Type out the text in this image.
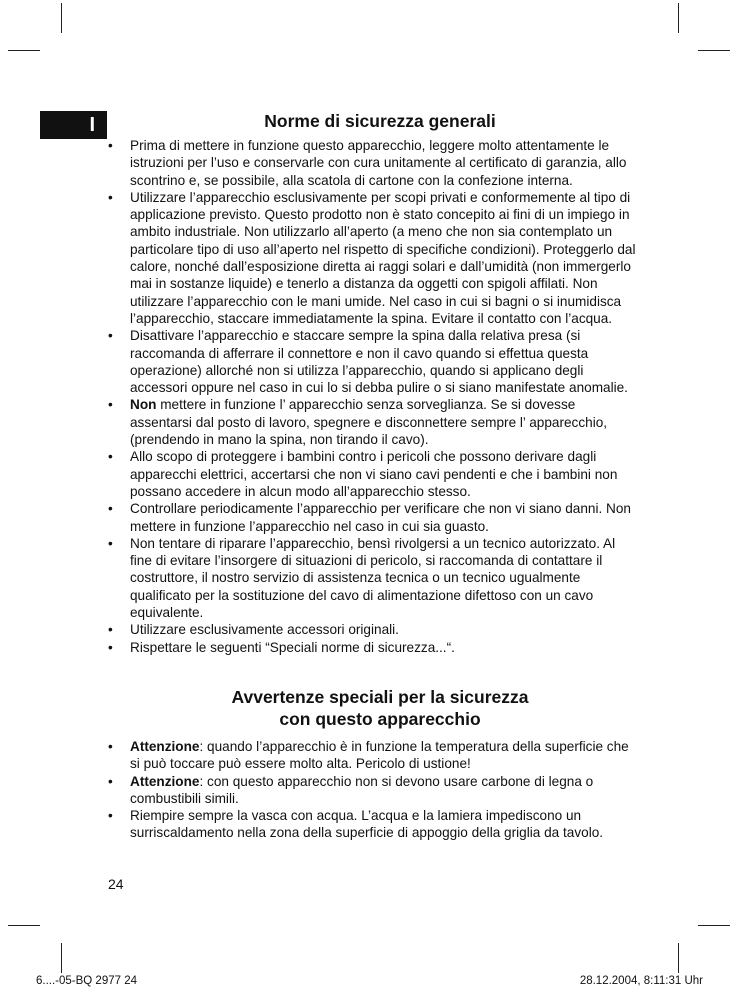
I	Norme di sicurezza generali
• Prima di mettere in funzione questo apparecchio, leggere molto attentamente le istruzioni per l’uso e conservarle con cura unitamente al certificato di garanzia, allo scontrino e, se possibile, alla scatola di cartone con la confezione interna.
• Utilizzare l’apparecchio esclusivamente per scopi privati e conformemente al tipo di applicazione previsto. Questo prodotto non è stato concepito ai fini di un impiego in ambito industriale. Non utilizzarlo all’aperto (a meno che non sia contemplato un particolare tipo di uso all’aperto nel rispetto di specifiche condizioni). Proteggerlo dal calore, nonché dall’esposizione diretta ai raggi solari e dall’umidità (non immergerlo mai in sostanze liquide) e tenerlo a distanza da oggetti con spigoli affilati. Non utilizzare l’apparecchio con le mani umide. Nel caso in cui si bagni o si inumidisca l’apparecchio, staccare immediatamente la spina. Evitare il contatto con l’acqua.
• Disattivare l’apparecchio e staccare sempre la spina dalla relativa presa (si raccomanda di afferrare il connettore e non il cavo quando si effettua questa operazione) allorché non si utilizza l’apparecchio, quando si applicano degli accessori oppure nel caso in cui lo si debba pulire o si siano manifestate anomalie.
• Non mettere in funzione l’ apparecchio senza sorveglianza. Se si dovesse assentarsi dal posto di lavoro, spegnere e disconnettere sempre l’ apparecchio, (prendendo in mano la spina, non tirando il cavo).
• Allo scopo di proteggere i bambini contro i pericoli che possono derivare dagli apparecchi elettrici, accertarsi che non vi siano cavi pendenti e che i bambini non possano accedere in alcun modo all’apparecchio stesso.
• Controllare periodicamente l’apparecchio per verificare che non vi siano danni. Non mettere in funzione l’apparecchio nel caso in cui sia guasto.
• Non tentare di riparare l’apparecchio, bensì rivolgersi a un tecnico autorizzato. Al fine di evitare l’insorgere di situazioni di pericolo, si raccomanda di contattare il costruttore, il nostro servizio di assistenza tecnica o un tecnico ugualmente qualificato per la sostituzione del cavo di alimentazione difettoso con un cavo equivalente.
• Utilizzare esclusivamente accessori originali.
• Rispettare le seguenti “Speciali norme di sicurezza...“.
Avvertenze speciali per la sicurezza
con questo apparecchio
• Attenzione: quando l’apparecchio è in funzione la temperatura della superficie che si può toccare può essere molto alta. Pericolo di ustione!
• Attenzione: con questo apparecchio non si devono usare carbone di legna o combustibili simili.
• Riempire sempre la vasca con acqua. L’acqua e la lamiera impediscono un surriscaldamento nella zona della superficie di appoggio della griglia da tavolo.
24
6....-05-BQ 2977 24	28.12.2004, 8:11:31 Uhr
